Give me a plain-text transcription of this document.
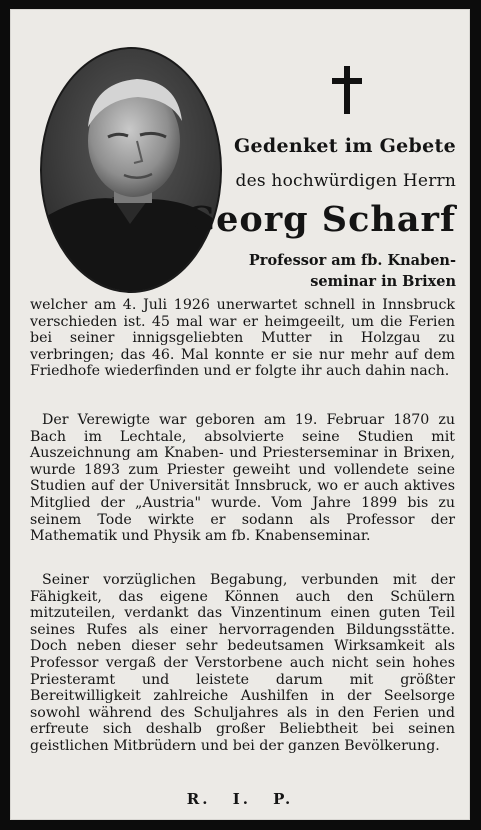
Gedenket im Gebete
des hochwürdigen Herrn
Georg Scharf
Professor am fb. Knaben-
seminar in Brixen
welcher am 4. Juli 1926 unerwartet schnell in Innsbruck verschieden ist. 45 mal war er heimgeeilt, um die Ferien bei seiner innigsgeliebten Mutter in Holzgau zu verbringen; das 46. Mal konnte er sie nur mehr auf dem Friedhofe wiederfinden und er folgte ihr auch dahin nach.
Der Verewigte war geboren am 19. Februar 1870 zu Bach im Lechtale, absolvierte seine Studien mit Auszeichnung am Knaben- und Priesterseminar in Brixen, wurde 1893 zum Priester geweiht und vollendete seine Studien auf der Universität Innsbruck, wo er auch aktives Mitglied der „Austria" wurde. Vom Jahre 1899 bis zu seinem Tode wirkte er sodann als Professor der Mathematik und Physik am fb. Knabenseminar.
Seiner vorzüglichen Begabung, verbunden mit der Fähigkeit, das eigene Können auch den Schülern mitzuteilen, verdankt das Vinzentinum einen guten Teil seines Rufes als einer hervorragenden Bildungsstätte. Doch neben dieser sehr bedeutsamen Wirksamkeit als Professor vergaß der Verstorbene auch nicht sein hohes Priesteramt und leistete darum mit größter Bereitwilligkeit zahlreiche Aushilfen in der Seelsorge sowohl während des Schuljahres als in den Ferien und erfreute sich deshalb großer Beliebtheit bei seinen geistlichen Mitbrüdern und bei der ganzen Bevölkerung.
R. I. P.
